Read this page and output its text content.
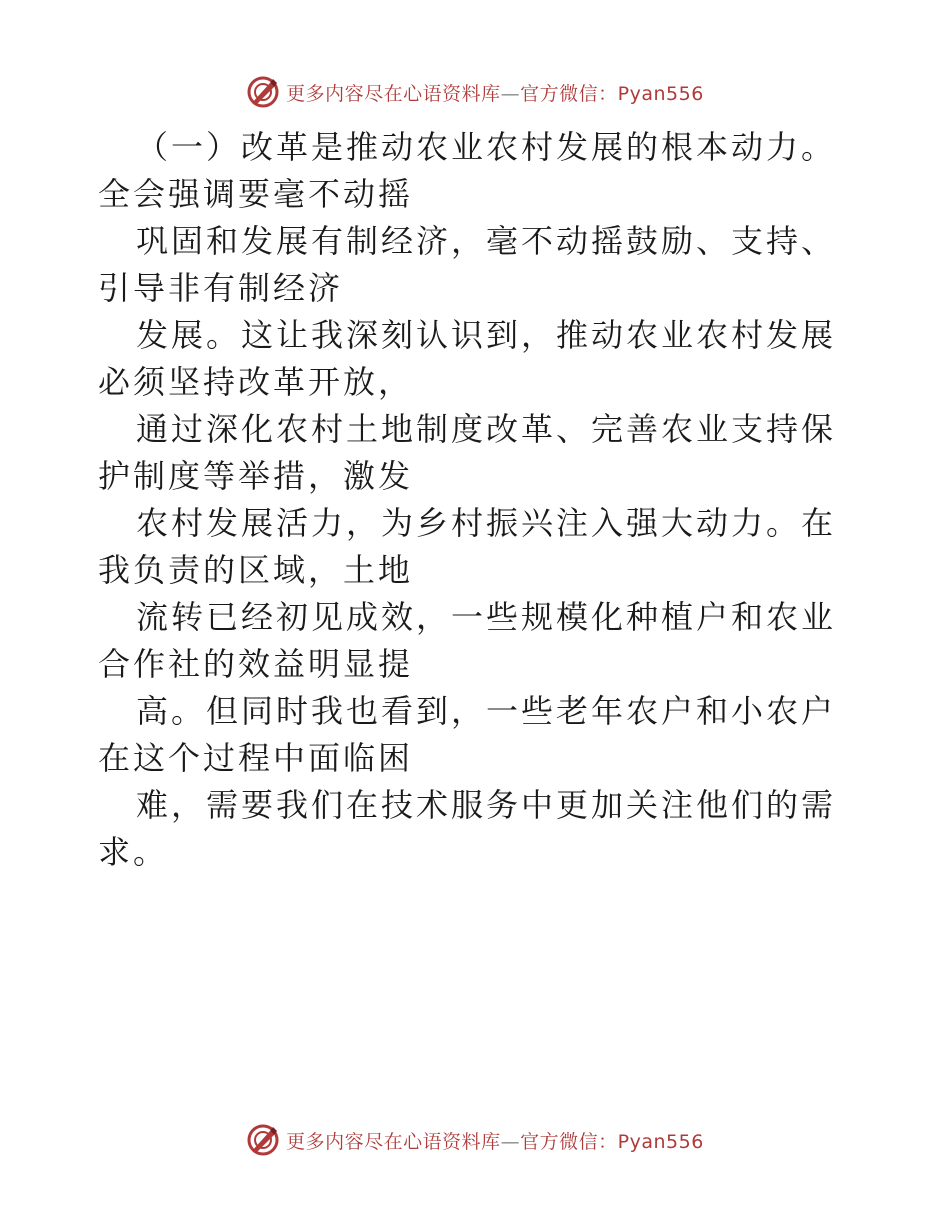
更多内容尽在心语资料库—官方微信：Pyan556

（一）改革是推动农业农村发展的根本动力。全会强调要毫不动摇

巩固和发展有制经济，毫不动摇鼓励、支持、引导非有制经济

发展。这让我深刻认识到，推动农业农村发展必须坚持改革开放，

通过深化农村土地制度改革、完善农业支持保护制度等举措，激发

农村发展活力，为乡村振兴注入强大动力。在我负责的区域，土地

流转已经初见成效，一些规模化种植户和农业合作社的效益明显提

高。但同时我也看到，一些老年农户和小农户在这个过程中面临困

难，需要我们在技术服务中更加关注他们的需求。

更多内容尽在心语资料库—官方微信：Pyan556
